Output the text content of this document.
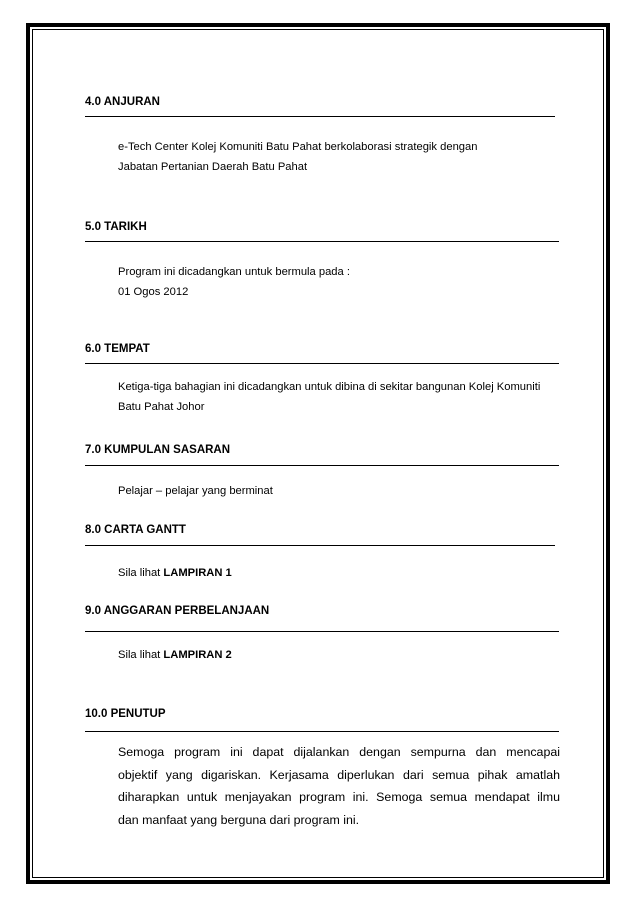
4.0 ANJURAN
e-Tech Center Kolej Komuniti Batu Pahat berkolaborasi strategik dengan
Jabatan Pertanian Daerah Batu Pahat
5.0 TARIKH
Program ini dicadangkan untuk bermula pada :
01 Ogos 2012
6.0 TEMPAT
Ketiga-tiga bahagian ini dicadangkan untuk dibina di sekitar bangunan Kolej Komuniti
Batu Pahat Johor
7.0 KUMPULAN SASARAN
Pelajar – pelajar yang berminat
8.0 CARTA GANTT
Sila lihat LAMPIRAN 1
9.0 ANGGARAN PERBELANJAAN
Sila lihat LAMPIRAN 2
10.0 PENUTUP
Semoga program ini dapat dijalankan dengan sempurna dan mencapai
objektif yang digariskan. Kerjasama diperlukan dari semua pihak amatlah
diharapkan untuk menjayakan program ini. Semoga semua mendapat ilmu
dan manfaat yang berguna dari program ini.
